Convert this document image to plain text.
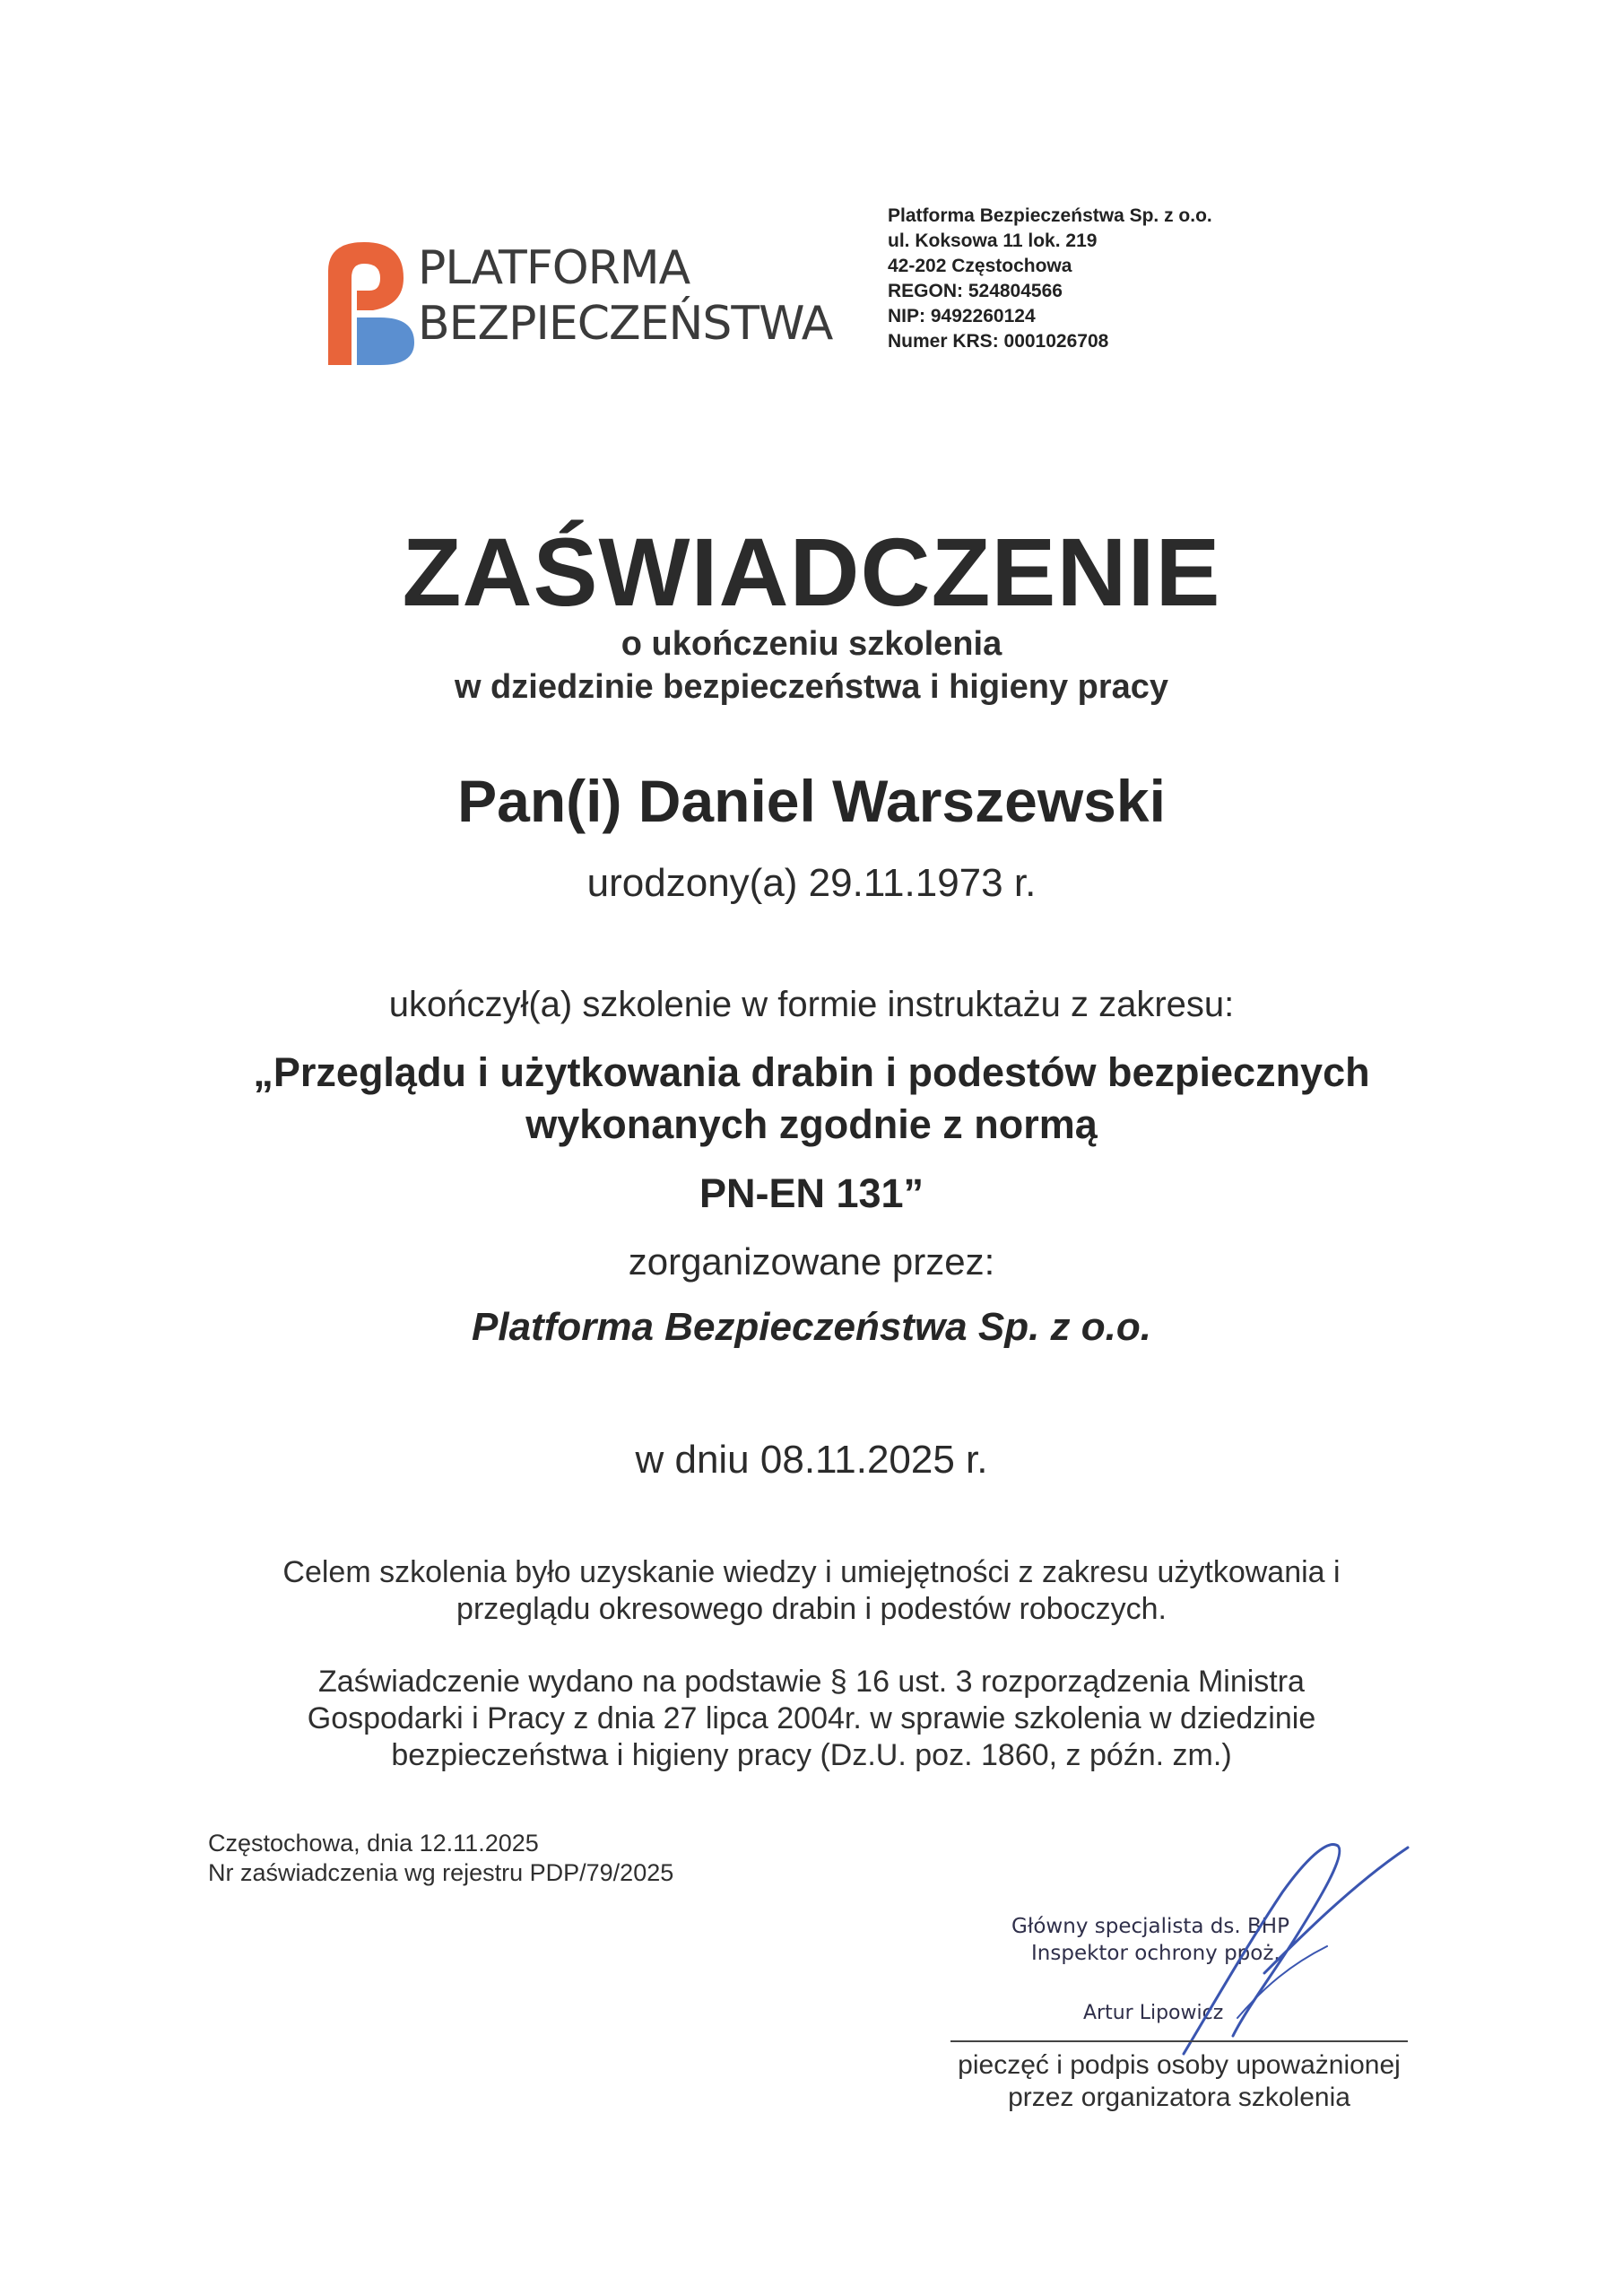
PLATFORMA
BEZPIECZEŃSTWA
Platforma Bezpieczeństwa Sp. z o.o.
ul. Koksowa 11 lok. 219
42-202 Częstochowa
REGON: 524804566
NIP: 9492260124
Numer KRS: 0001026708
ZAŚWIADCZENIE
o ukończeniu szkolenia
w dziedzinie bezpieczeństwa i higieny pracy
Pan(i) Daniel Warszewski
urodzony(a) 29.11.1973 r.
ukończył(a) szkolenie w formie instruktażu z zakresu:
„Przeglądu i użytkowania drabin i podestów bezpiecznych
wykonanych zgodnie z normą
PN-EN 131”
zorganizowane przez:
Platforma Bezpieczeństwa Sp. z o.o.
w dniu 08.11.2025 r.
Celem szkolenia było uzyskanie wiedzy i umiejętności z zakresu użytkowania i
przeglądu okresowego drabin i podestów roboczych.
Zaświadczenie wydano na podstawie § 16 ust. 3 rozporządzenia Ministra
Gospodarki i Pracy z dnia 27 lipca 2004r. w sprawie szkolenia w dziedzinie
bezpieczeństwa i higieny pracy (Dz.U. poz. 1860, z późn. zm.)
Częstochowa, dnia 12.11.2025
Nr zaświadczenia wg rejestru PDP/79/2025
Główny specjalista ds. BHP
Inspektor ochrony ppoż.
Artur Lipowicz
pieczęć i podpis osoby upoważnionej
przez organizatora szkolenia
